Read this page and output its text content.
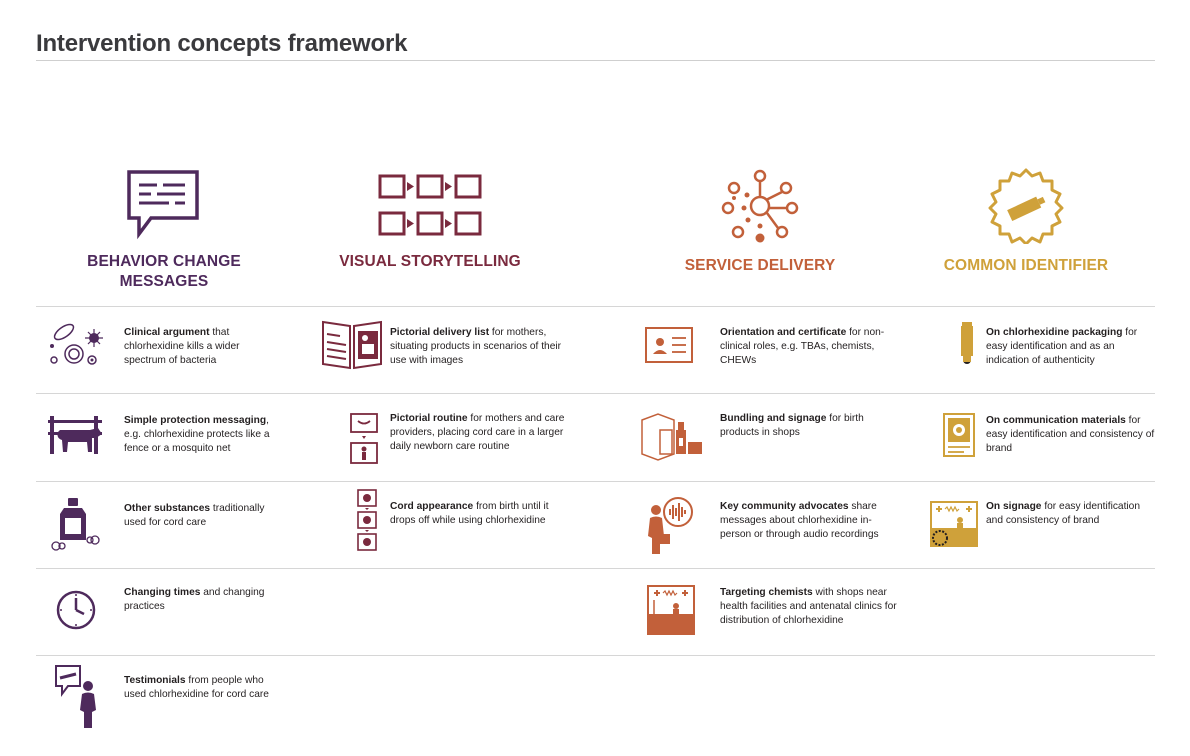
Intervention concepts framework
BEHAVIOR CHANGE
MESSAGES
VISUAL STORYTELLING	SERVICE DELIVERY	COMMON IDENTIFIER
Clinical argument that chlorhexidine kills a wider spectrum of bacteria
Simple protection messaging, e.g. chlorhexidine protects like a fence or a mosquito net
Other substances traditionally used for cord care
Changing times and changing practices
Testimonials from people who used chlorhexidine for cord care
Pictorial delivery list for mothers, situating products in scenarios of their use with images
Pictorial routine for mothers and care providers, placing cord care in a larger daily newborn care routine
Cord appearance from birth until it drops off while using chlorhexidine
Orientation and certificate for non-clinical roles, e.g. TBAs, chemists, CHEWs
Bundling and signage for birth products in shops
Key community advocates share messages about chlorhexidine in-person or through audio recordings
Targeting chemists with shops near health facilities and antenatal clinics for distribution of chlorhexidine
On chlorhexidine packaging for easy identification and as an indication of authenticity
On communication materials for easy identification and consistency of brand
On signage for easy identification and consistency of brand
